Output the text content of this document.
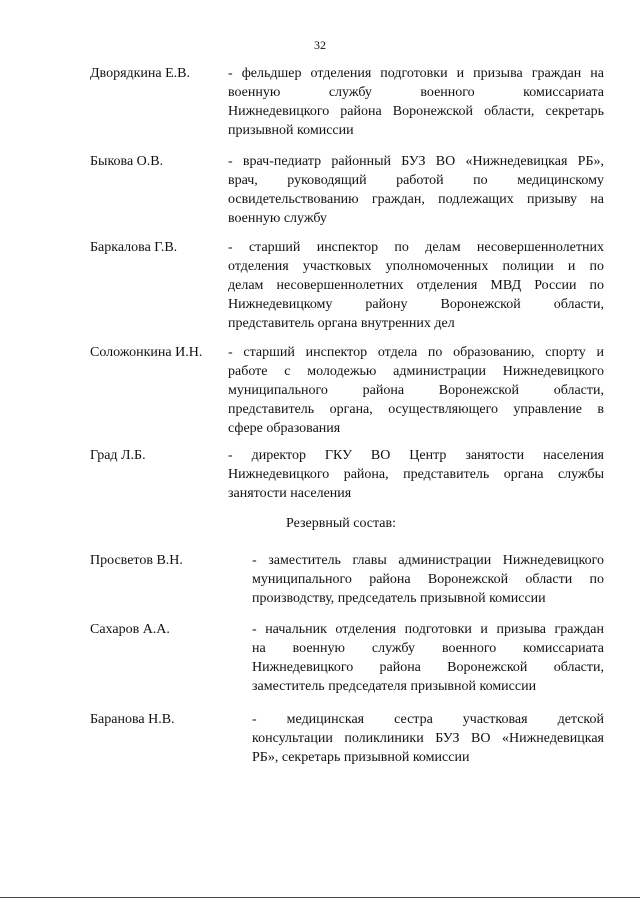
32
Дворядкина Е.В.	- фельдшер отделения подготовки и призыва граждан на
военную службу военного комиссариата
Нижнедевицкого района Воронежской области, секретарь
призывной комиссии
Быкова О.В.	- врач-педиатр районный БУЗ ВО «Нижнедевицкая РБ»,
врач, руководящий работой по медицинскому
освидетельствованию граждан, подлежащих призыву на
военную службу
Баркалова Г.В.	- старший инспектор по делам несовершеннолетних
отделения участковых уполномоченных полиции и по
делам несовершеннолетних отделения МВД России по
Нижнедевицкому району Воронежской области,
представитель органа внутренних дел
Соложонкина И.Н. - старший инспектор отдела по образованию, спорту и
работе с молодежью администрации Нижнедевицкого
муниципального района Воронежской области,
представитель органа, осуществляющего управление в
сфере образования
Град Л.Б.	- директор ГКУ ВО Центр занятости населения
Нижнедевицкого района, представитель органа службы
занятости населения
Резервный состав:
Просветов В.Н.	- заместитель главы администрации Нижнедевицкого
муниципального района Воронежской области по
производству, председатель призывной комиссии
Сахаров А.А.	- начальник отделения подготовки и призыва граждан
на военную службу военного комиссариата
Нижнедевицкого района Воронежской области,
заместитель председателя призывной комиссии
Баранова Н.В.	- медицинская сестра участковая детской
консультации поликлиники БУЗ ВО «Нижнедевицкая
РБ», секретарь призывной комиссии
